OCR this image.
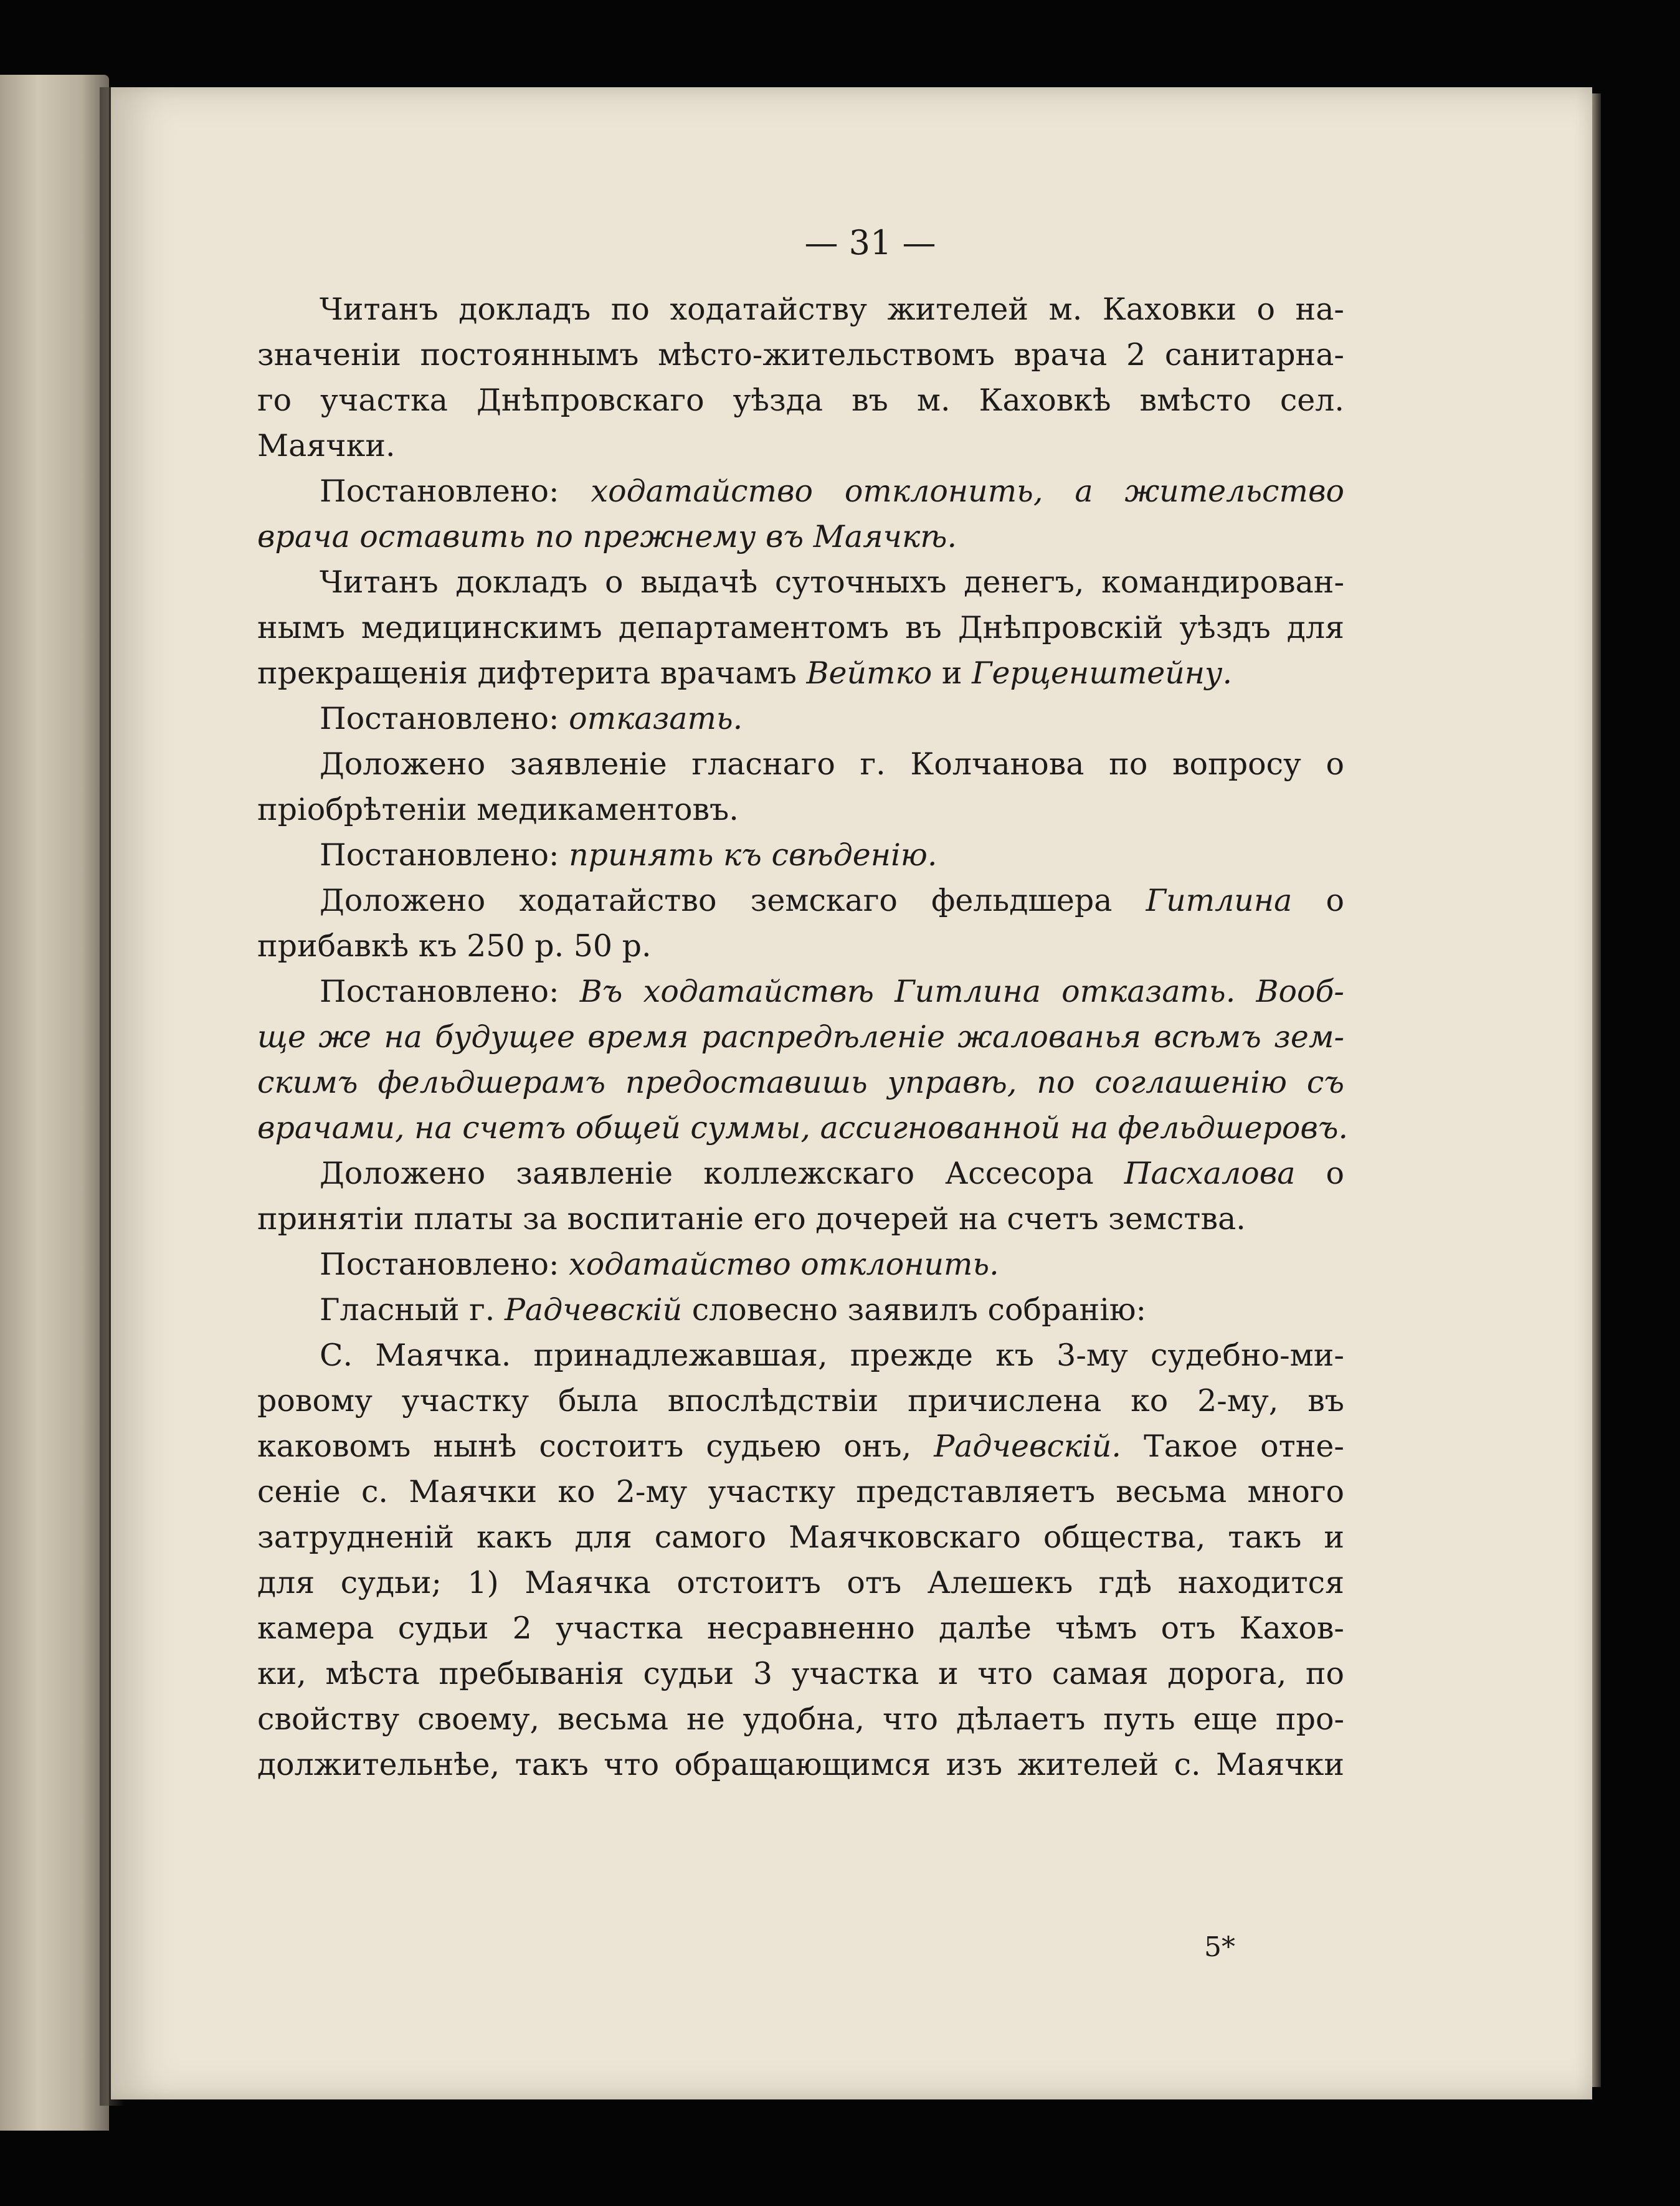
— 31 —
Читанъ докладъ по ходатайству жителей м. Каховки о на-
значенiи постояннымъ мѣсто-жительствомъ врача 2 санитарна-
го участка Днѣпровскаго уѣзда въ м. Каховкѣ вмѣсто сел.
Маячки.
Постановлено: ходатайство отклонить, а жительство
врача оставить по прежнему въ Маячкѣ.
Читанъ докладъ о выдачѣ суточныхъ денегъ, командирован-
нымъ медицинскимъ департаментомъ въ Днѣпровскiй уѣздъ для
прекращенiя дифтерита врачамъ Вейтко и Герценштейну.
Постановлено: отказать.
Доложено заявленiе гласнаго г. Колчанова по вопросу о
прiобрѣтенiи медикаментовъ.
Постановлено: принять къ свѣденiю.
Доложено ходатайство земскаго фельдшера Гитлина о
прибавкѣ къ 250 р. 50 р.
Постановлено: Въ ходатайствѣ Гитлина отказать. Вооб-
ще же на будущее время распредѣленiе жалованья всѣмъ зем-
скимъ фельдшерамъ предоставишь управѣ, по соглашенiю съ
врачами, на счетъ общей суммы, ассигнованной на фельдшеровъ.
Доложено заявленiе коллежскаго Ассесора Пасхалова о
принятiи платы за воспитанiе его дочерей на счетъ земства.
Постановлено: ходатайство отклонить.
Гласный г. Радчевскiй словесно заявилъ собранiю:
С. Маячка. принадлежавшая, прежде къ 3-му судебно-ми-
ровому участку была впослѣдствiи причислена ко 2-му, въ
каковомъ нынѣ состоитъ судьею онъ, Радчевскiй. Такое отне-
сенiе с. Маячки ко 2-му участку представляетъ весьма много
затрудненiй какъ для самого Маячковскаго общества, такъ и
для судьи; 1) Маячка отстоитъ отъ Алешекъ гдѣ находится
камера судьи 2 участка несравненно далѣе чѣмъ отъ Кахов-
ки, мѣста пребыванiя судьи 3 участка и что самая дорога, по
свойству своему, весьма не удобна, что дѣлаетъ путь еще про-
должительнѣе, такъ что обращающимся изъ жителей с. Маячки
5*
